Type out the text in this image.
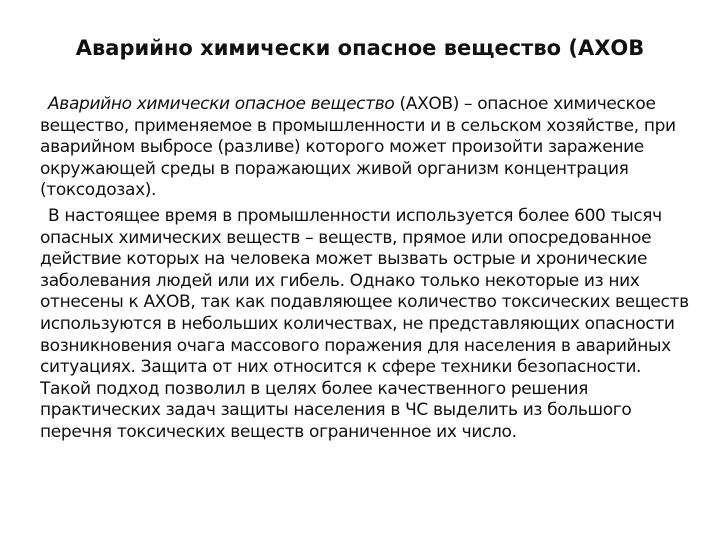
Аварийно химически опасное вещество (АХОВ

Аварийно химически опасное вещество (АХОВ) – опасное химическое вещество, применяемое в промышленности и в сельском хозяйстве, при аварийном выбросе (разливе) которого может произойти заражение окружающей среды в поражающих живой организм концентрация (токсодозах).

В настоящее время в промышленности используется более 600 тысяч опасных химических веществ – веществ, прямое или опосредованное действие которых на человека может вызвать острые и хронические заболевания людей или их гибель. Однако только некоторые из них отнесены к АХОВ, так как подавляющее количество токсических веществ используются в небольших количествах, не представляющих опасности возникновения очага массового поражения для населения в аварийных ситуациях. Защита от них относится к сфере техники безопасности. Такой подход позволил в целях более качественного решения практических задач защиты населения в ЧС выделить из большого перечня токсических веществ ограниченное их число.
